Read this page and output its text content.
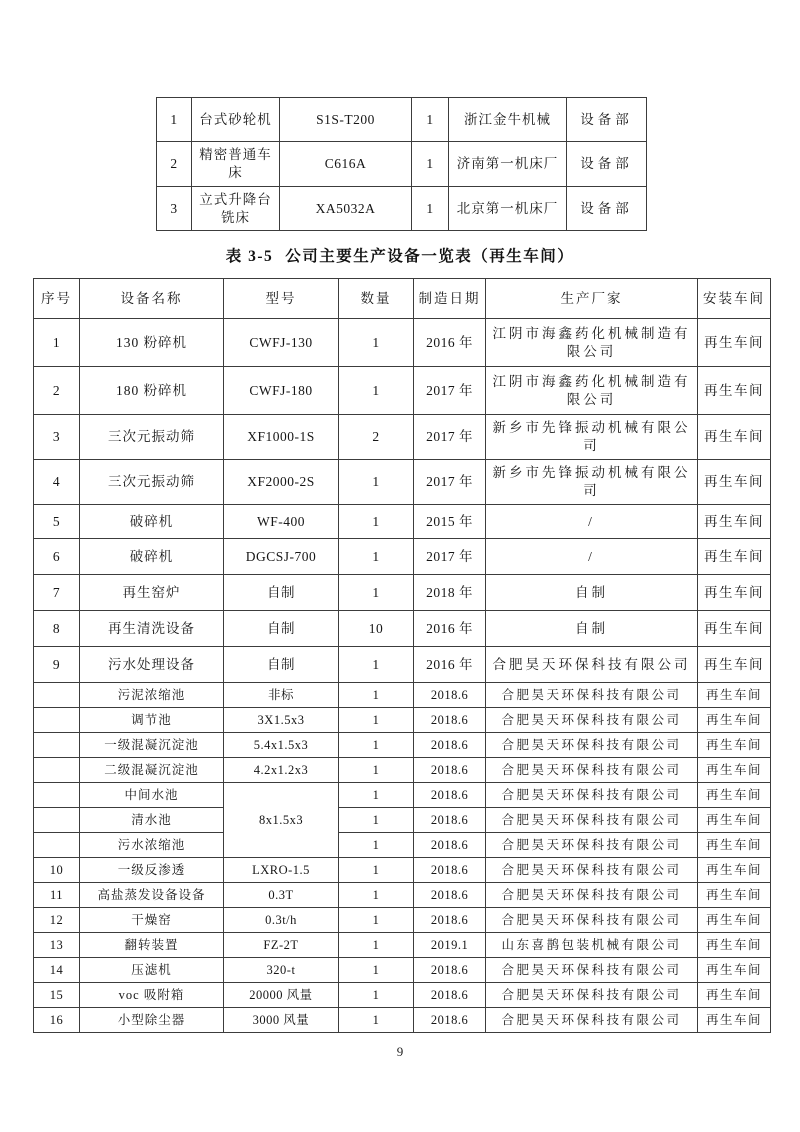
1	台式砂轮机	S1S-T200	1	浙江金牛机械	设备部
2	精密普通车床	C616A	1	济南第一机床厂	设备部
3	立式升降台铣床	XA5032A	1	北京第一机床厂	设备部
表 3-5 公司主要生产设备一览表（再生车间）
序号	设备名称	型号	数量	制造日期	生产厂家	安装车间
1	130 粉碎机	CWFJ-130	1	2016 年	江阴市海鑫药化机械制造有限公司	再生车间
2	180 粉碎机	CWFJ-180	1	2017 年	江阴市海鑫药化机械制造有限公司	再生车间
3	三次元振动筛	XF1000-1S	2	2017 年	新乡市先锋振动机械有限公司	再生车间
4	三次元振动筛	XF2000-2S	1	2017 年	新乡市先锋振动机械有限公司	再生车间
5	破碎机	WF-400	1	2015 年	/	再生车间
6	破碎机	DGCSJ-700	1	2017 年	/	再生车间
7	再生窑炉	自制	1	2018 年	自制	再生车间
8	再生清洗设备	自制	10	2016 年	自制	再生车间
9	污水处理设备	自制	1	2016 年	合肥昊天环保科技有限公司	再生车间
	污泥浓缩池	非标	1	2018.6	合肥昊天环保科技有限公司	再生车间
	调节池	3X1.5x3	1	2018.6	合肥昊天环保科技有限公司	再生车间
	一级混凝沉淀池	5.4x1.5x3	1	2018.6	合肥昊天环保科技有限公司	再生车间
	二级混凝沉淀池	4.2x1.2x3	1	2018.6	合肥昊天环保科技有限公司	再生车间
	中间水池	8x1.5x3	1	2018.6	合肥昊天环保科技有限公司	再生车间
	清水池		1	2018.6	合肥昊天环保科技有限公司	再生车间
	污水浓缩池		1	2018.6	合肥昊天环保科技有限公司	再生车间
10	一级反渗透	LXRO-1.5	1	2018.6	合肥昊天环保科技有限公司	再生车间
11	高盐蒸发设备设备	0.3T	1	2018.6	合肥昊天环保科技有限公司	再生车间
12	干燥窑	0.3t/h	1	2018.6	合肥昊天环保科技有限公司	再生车间
13	翻转装置	FZ-2T	1	2019.1	山东喜鹊包装机械有限公司	再生车间
14	压滤机	320-t	1	2018.6	合肥昊天环保科技有限公司	再生车间
15	voc 吸附箱	20000 风量	1	2018.6	合肥昊天环保科技有限公司	再生车间
16	小型除尘器	3000 风量	1	2018.6	合肥昊天环保科技有限公司	再生车间
9
